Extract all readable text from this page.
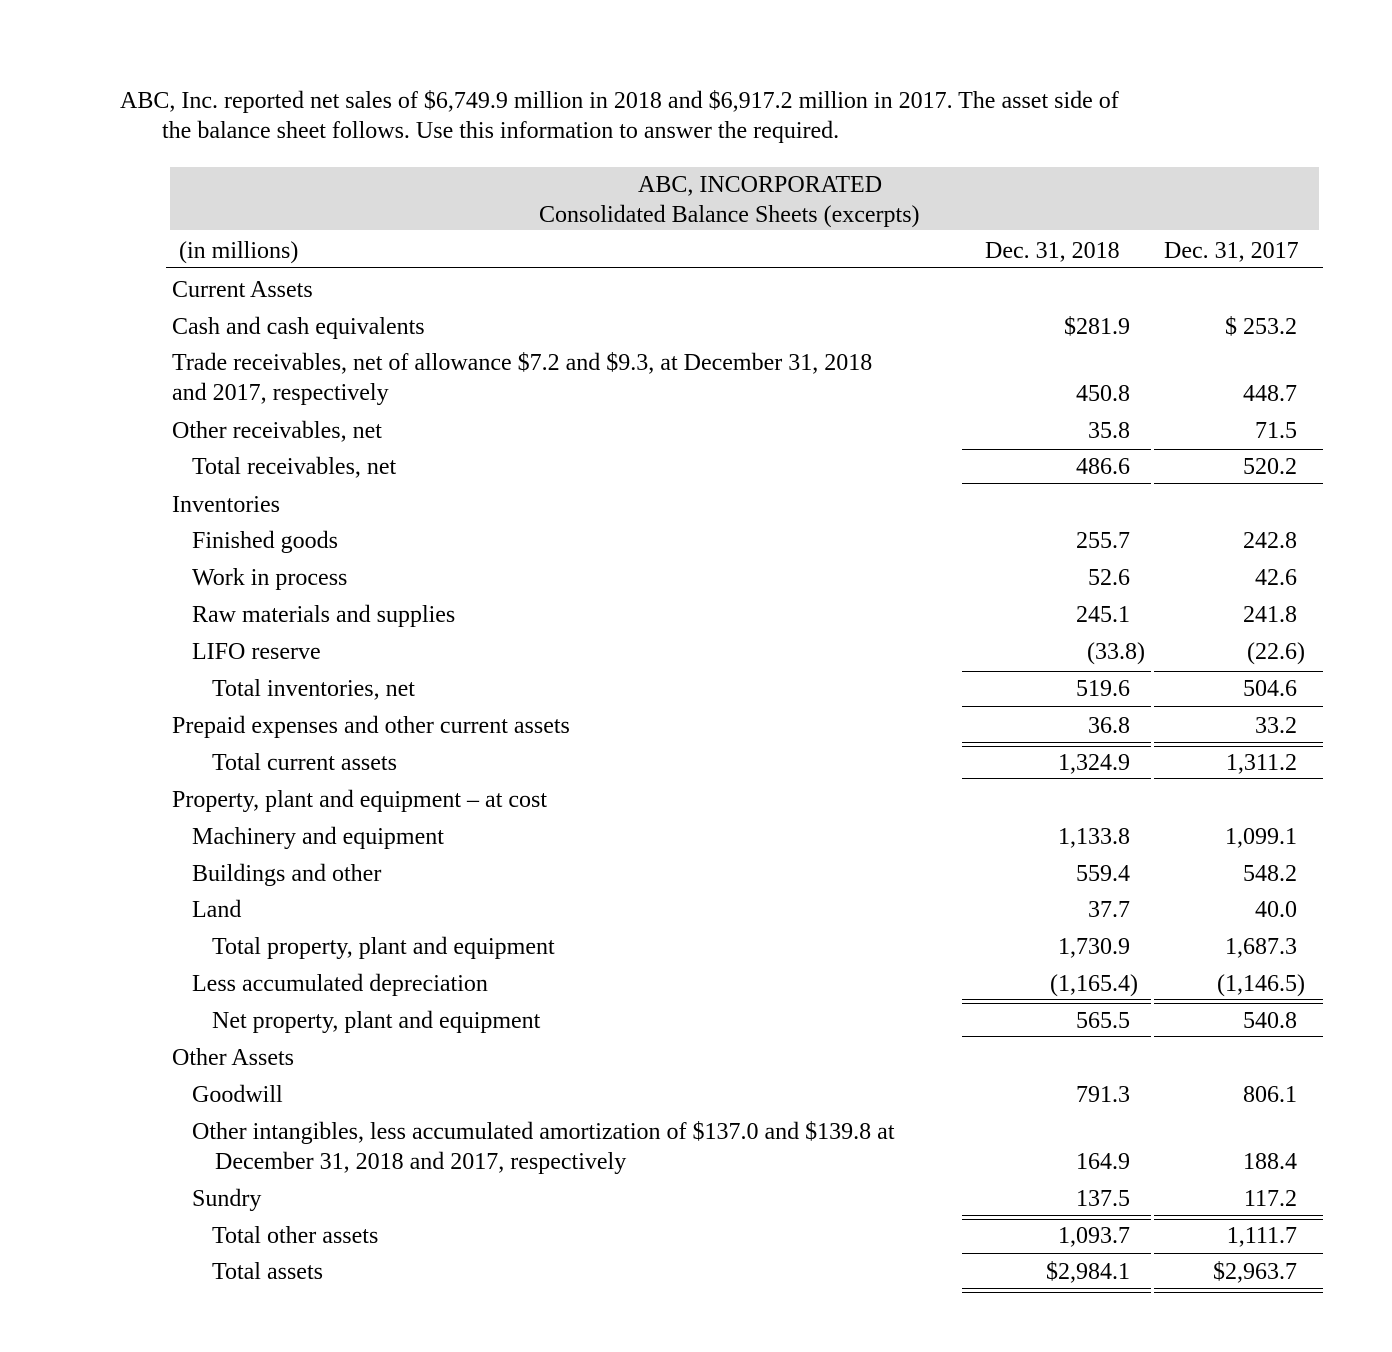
ABC, Inc. reported net sales of $6,749.9 million in 2018 and $6,917.2 million in 2017. The asset side of
the balance sheet follows. Use this information to answer the required.
ABC, INCORPORATED
Consolidated Balance Sheets (excerpts)
(in millions)	Dec. 31, 2018 Dec. 31, 2017
Current Assets
Cash and cash equivalents	$281.9	$ 253.2
Trade receivables, net of allowance $7.2 and $9.3, at December 31, 2018
and 2017, respectively	450.8	448.7
Other receivables, net	35.8	71.5
Total receivables, net	486.6	520.2
Inventories
Finished goods	255.7	242.8
Work in process	52.6	42.6
Raw materials and supplies	245.1	241.8
LIFO reserve	(33.8)	(22.6)
Total inventories, net	519.6	504.6
Prepaid expenses and other current assets	36.8	33.2
Total current assets	1,324.9	1,311.2
Property, plant and equipment – at cost
Machinery and equipment	1,133.8	1,099.1
Buildings and other	559.4	548.2
Land	37.7	40.0
Total property, plant and equipment	1,730.9	1,687.3
Less accumulated depreciation	(1,165.4)	(1,146.5)
Net property, plant and equipment	565.5	540.8
Other Assets
Goodwill	791.3	806.1
Other intangibles, less accumulated amortization of $137.0 and $139.8 at
December 31, 2018 and 2017, respectively	164.9	188.4
Sundry	137.5	117.2
Total other assets	1,093.7	1,111.7
Total assets	$2,984.1	$2,963.7
